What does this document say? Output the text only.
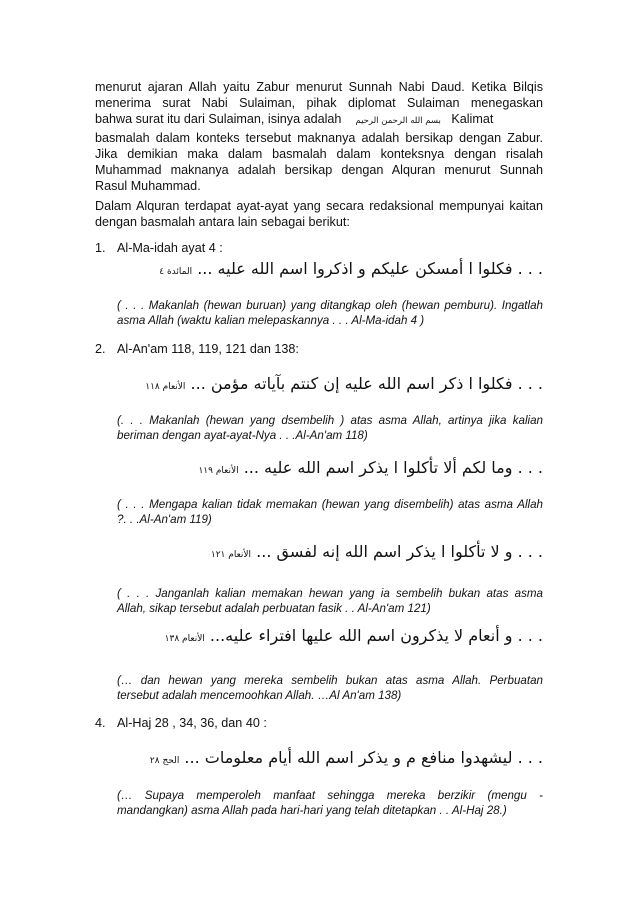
menurut ajaran Allah yaitu Zabur menurut Sunnah Nabi Daud. Ketika Bilqis
menerima surat Nabi Sulaiman, pihak diplomat Sulaiman menegaskan
bahwa surat itu dari Sulaiman, isinya adalah بسم الله الرحمن الرحيم Kalimat
basmalah dalam konteks tersebut maknanya adalah bersikap dengan Zabur.
Jika demikian maka dalam basmalah dalam konteksnya dengan risalah
Muhammad maknanya adalah bersikap dengan Alquran menurut Sunnah
Rasul Muhammad.
Dalam Alquran terdapat ayat-ayat yang secara redaksional mempunyai kaitan
dengan basmalah antara lain sebagai berikut:
1. Al-Ma-idah ayat 4 :
. . . فكلوا ا أمسكن عليكم و اذكروا اسم الله عليه ... المائدة ٤
( . . . Makanlah (hewan buruan) yang ditangkap oleh (hewan pemburu). Ingatlah
asma Allah (waktu kalian melepaskannya . . . Al-Ma-idah 4 )
2. Al-An'am 118, 119, 121 dan 138:
. . . فكلوا ا ذكر اسم الله عليه إن كنتم بآياته مؤمن ... الأنعام ١١٨
(. . . Makanlah (hewan yang dsembelih ) atas asma Allah, artinya jika kalian
beriman dengan ayat-ayat-Nya . . .Al-An'am 118)
. . . وما لكم ألا تأكلوا ا يذكر اسم الله عليه ... الأنعام ١١٩
( . . . Mengapa kalian tidak memakan (hewan yang disembelih) atas asma Allah
?. . .Al-An'am 119)
. . . و لا تأكلوا ا يذكر اسم الله إنه لفسق ... الأنعام ١٢١
( . . . Janganlah kalian memakan hewan yang ia sembelih bukan atas asma
Allah, sikap tersebut adalah perbuatan fasik . . Al-An'am 121)
. . . و أنعام لا يذكرون اسم الله عليها افتراء عليه... الأنعام ١٣٨
(… dan hewan yang mereka sembelih bukan atas asma Allah. Perbuatan
tersebut adalah mencemoohkan Allah. …Al An'am 138)
4. Al-Haj 28 , 34, 36, dan 40 :
. . . ليشهدوا منافع م و يذكر اسم الله أيام معلومات ... الحج ٢٨
(… Supaya memperoleh manfaat sehingga mereka berzikir (mengu -
mandangkan) asma Allah pada hari-hari yang telah ditetapkan . . Al-Haj 28.)
